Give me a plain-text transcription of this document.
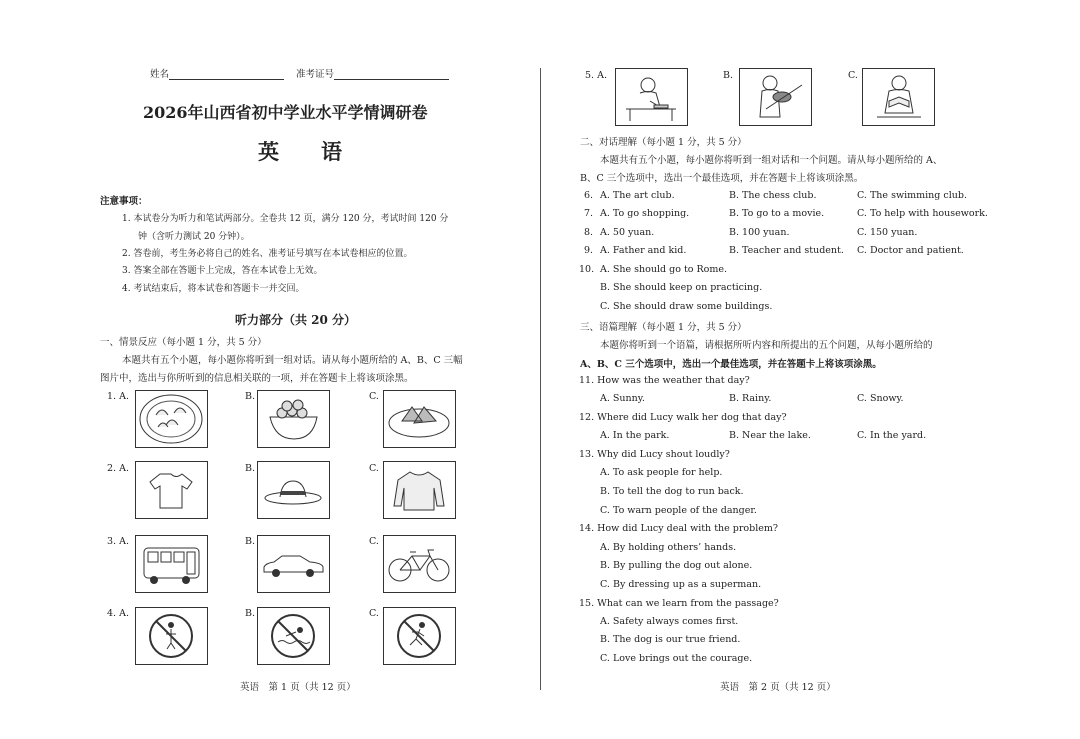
姓名	准考证号
2026年山西省初中学业水平学情调研卷
英　　语
注意事项：
1. 本试卷分为听力和笔试两部分。全卷共 12 页，满分 120 分，考试时间 120 分
钟（含听力测试 20 分钟）。
2. 答卷前，考生务必将自己的姓名、准考证号填写在本试卷相应的位置。
3. 答案全部在答题卡上完成，答在本试卷上无效。
4. 考试结束后，将本试卷和答题卡一并交回。
听力部分（共 20 分）
一、情景反应（每小题 1 分，共 5 分）
本题共有五个小题，每小题你将听到一组对话。请从每小题所给的 A、B、C 三幅
图片中，选出与你所听到的信息相关联的一项，并在答题卡上将该项涂黑。
1. A.	B.	C.
2. A.	B.	C.
3. A.	B.	C.
4. A.	B.	C.
英语　第 1 页（共 12 页）
5. A.	B.	C.
二、对话理解（每小题 1 分，共 5 分）
本题共有五个小题，每小题你将听到一组对话和一个问题。请从每小题所给的 A、
B、C 三个选项中，选出一个最佳选项，并在答题卡上将该项涂黑。
6. A. The art club.	B. The chess club.	C. The swimming club.
7. A. To go shopping.	B. To go to a movie.	C. To help with housework.
8. A. 50 yuan.	B. 100 yuan.	C. 150 yuan.
9. A. Father and kid.	B. Teacher and student. C. Doctor and patient.
10. A. She should go to Rome.
B. She should keep on practicing.
C. She should draw some buildings.
三、语篇理解（每小题 1 分，共 5 分）
本题你将听到一个语篇，请根据所听内容和所提出的五个问题，从每小题所给的
A、B、C 三个选项中，选出一个最佳选项，并在答题卡上将该项涂黑。
11. How was the weather that day?
A. Sunny.	B. Rainy.	C. Snowy.
12. Where did Lucy walk her dog that day?
A. In the park.	B. Near the lake.	C. In the yard.
13. Why did Lucy shout loudly?
A. To ask people for help.
B. To tell the dog to run back.
C. To warn people of the danger.
14. How did Lucy deal with the problem?
A. By holding others’ hands.
B. By pulling the dog out alone.
C. By dressing up as a superman.
15. What can we learn from the passage?
A. Safety always comes first.
B. The dog is our true friend.
C. Love brings out the courage.
英语　第 2 页（共 12 页）
